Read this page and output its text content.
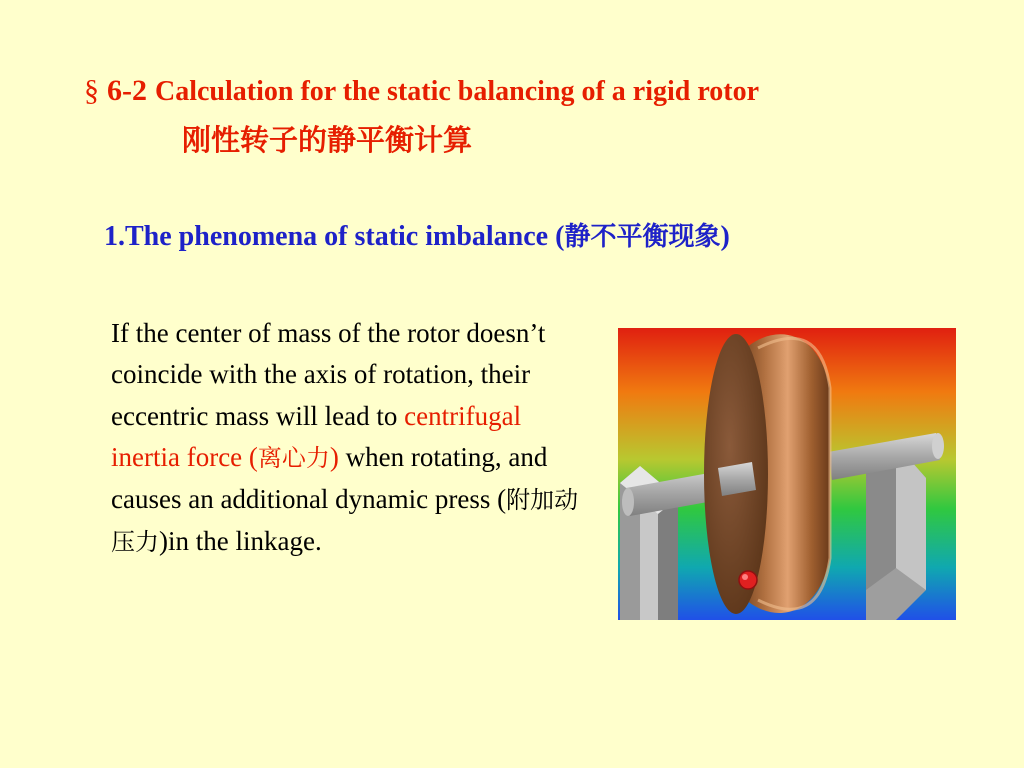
§ 6-2 Calculation for the static balancing of a rigid rotor
刚性转子的静平衡计算
1.The phenomena of static imbalance (静不平衡现象)
If the center of mass of the rotor doesn’t coincide with the axis of rotation, their eccentric mass will lead to centrifugal inertia force (离心力) when rotating, and causes an additional dynamic press (附加动压力)in the linkage.
